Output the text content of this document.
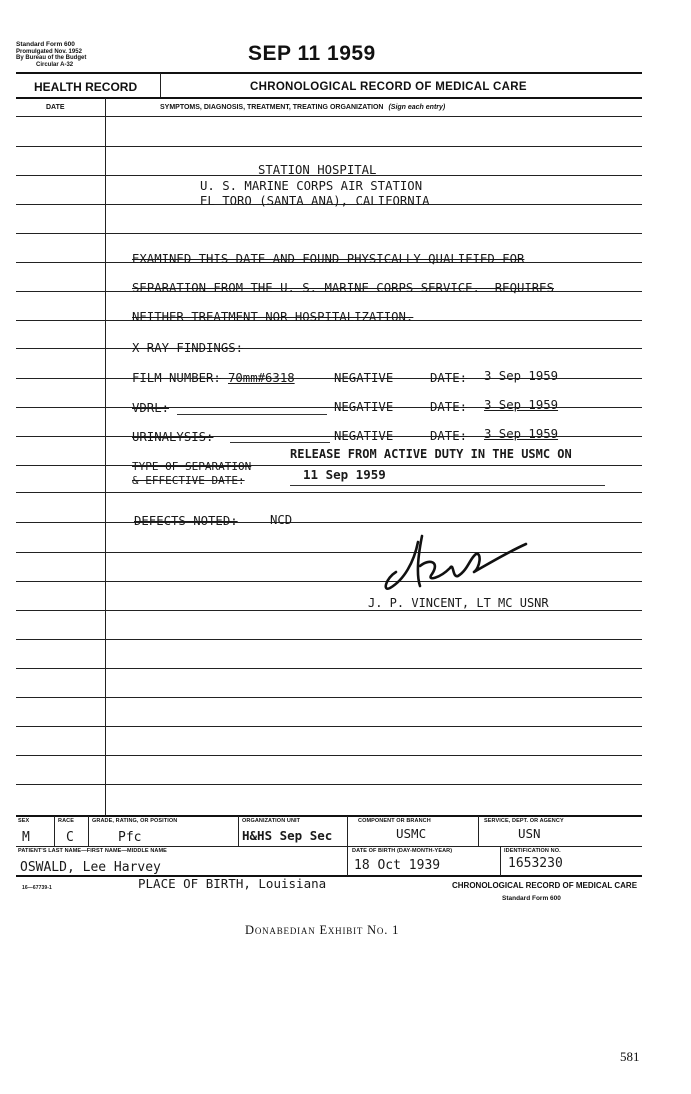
Standard Form 600
Promulgated Nov. 1952
By Bureau of the Budget
Circular A-32	SEP 11 1959
HEALTH RECORD	CHRONOLOGICAL RECORD OF MEDICAL CARE
DATE	SYMPTOMS, DIAGNOSIS, TREATMENT, TREATING ORGANIZATION (Sign each entry)
STATION HOSPITAL
U. S. MARINE CORPS AIR STATION
EL TORO (SANTA ANA), CALIFORNIA
EXAMINED THIS DATE AND FOUND PHYSICALLY QUALIFIED FOR
SEPARATION FROM THE U. S. MARINE CORPS SERVICE.  REQUIRES
NEITHER TREATMENT NOR HOSPITALIZATION.
X-RAY FINDINGS:
FILM NUMBER: 70mm#6318	NEGATIVE	DATE: 3 Sep 1959
VDRL:	NEGATIVE	DATE: 3 Sep 1959
URINALYSIS:	NEGATIVE	DATE: 3 Sep 1959
TYPE OF SEPARATION
& EFFECTIVE DATE:
RELEASE FROM ACTIVE DUTY IN THE USMC ON
11 Sep 1959
DEFECTS NOTED:	NCD
J. P. VINCENT, LT MC USNR
SEX	RACE	GRADE, RATING, OR POSITION	ORGANIZATION UNIT	COMPONENT OR BRANCH	SERVICE, DEPT. OR AGENCY
M	C	Pfc	H&HS Sep Sec	USMC	USN
PATIENT'S LAST NAME—FIRST NAME—MIDDLE NAME	DATE OF BIRTH (DAY-MONTH-YEAR)	IDENTIFICATION NO.
OSWALD, Lee Harvey	18 Oct 1939	1653230
PLACE OF BIRTH, Louisiana
16—67739-1	CHRONOLOGICAL RECORD OF MEDICAL CARE
Standard Form 600
Donabedian Exhibit No. 1
581
